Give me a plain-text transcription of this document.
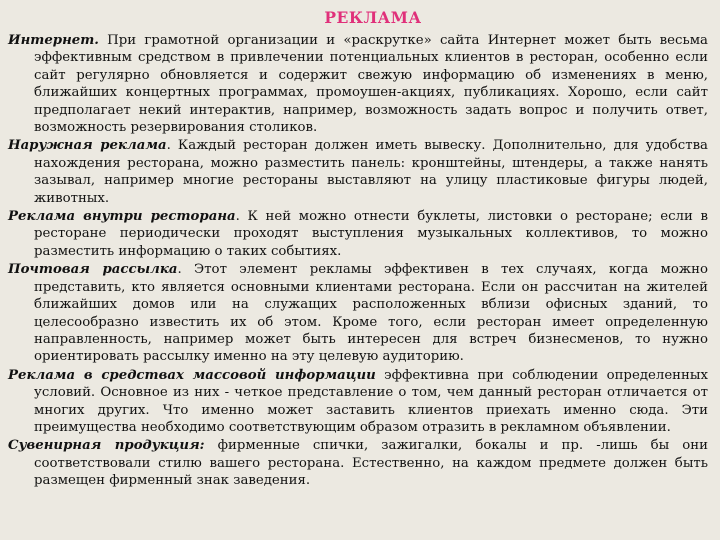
РЕКЛАМА

Интернет. При грамотной организации и «раскрутке» сайта Интернет может быть весьма эффективным средством в привлечении потенциальных клиентов в ресторан, особенно если сайт регулярно обновляется и содержит свежую информацию об изменениях в меню, ближайших концертных программах, промоушен-акциях, публикациях. Хорошо, если сайт предполагает некий интерактив, например, возможность задать вопрос и получить ответ, возможность резервирования столиков.

Наружная реклама. Каждый ресторан должен иметь вывеску. Дополнительно, для удобства нахождения ресторана, можно разместить панель: кронштейны, штендеры, а также нанять зазывал, например многие рестораны выставляют на улицу пластиковые фигуры людей, животных.

Реклама внутри ресторана. К ней можно отнести буклеты, листовки о ресторане; если в ресторане периодически проходят выступления музыкальных коллективов, то можно разместить информацию о таких событиях.

Почтовая рассылка. Этот элемент рекламы эффективен в тех случаях, когда можно представить, кто является основными клиентами ресторана. Если он рассчитан на жителей ближайших домов или на служащих расположенных вблизи офисных зданий, то целесообразно известить их об этом. Кроме того, если ресторан имеет определенную направленность, например может быть интересен для встреч бизнесменов, то нужно ориентировать рассылку именно на эту целевую аудиторию.

Реклама в средствах массовой информации эффективна при соблюдении определенных условий. Основное из них - четкое представление о том, чем данный ресторан отличается от многих других. Что именно может заставить клиентов приехать именно сюда. Эти преимущества необходимо соответствующим образом отразить в рекламном объявлении.

Сувенирная продукция: фирменные спички, зажигалки, бокалы и пр. -лишь бы они соответствовали стилю вашего ресторана. Естественно, на каждом предмете должен быть размещен фирменный знак заведения.
